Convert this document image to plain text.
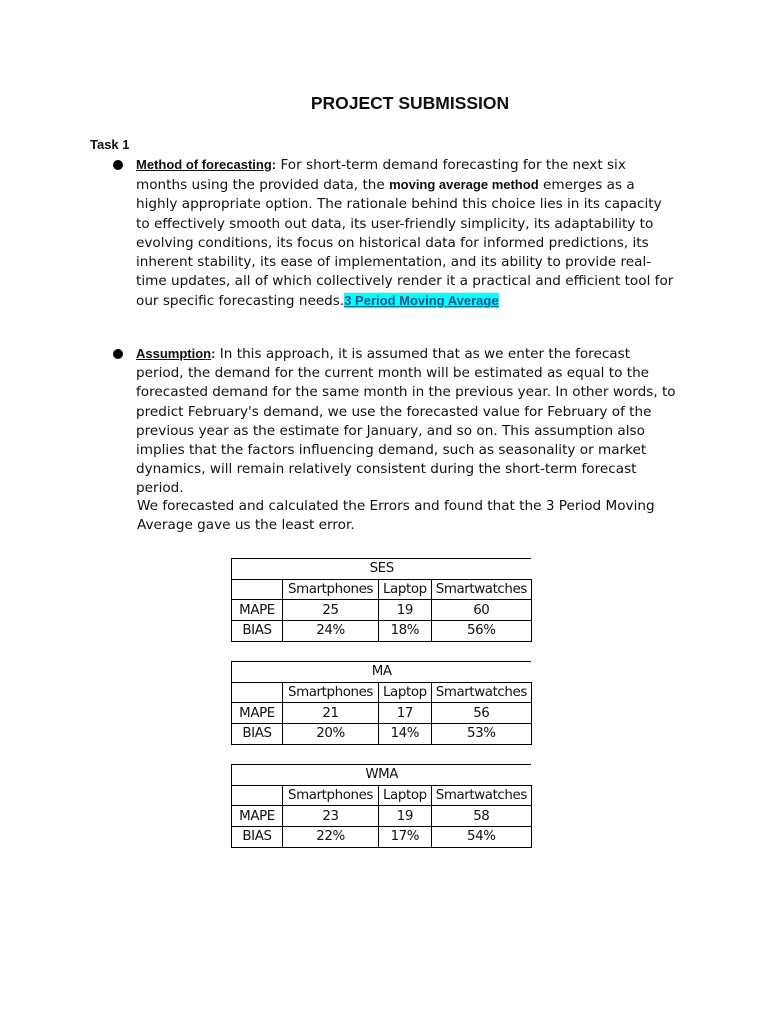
PROJECT SUBMISSION
Task 1

Method of forecasting: For short-term demand forecasting for the next six months using the provided data, the moving average method emerges as a highly appropriate option. The rationale behind this choice lies in its capacity to effectively smooth out data, its user-friendly simplicity, its adaptability to evolving conditions, its focus on historical data for informed predictions, its inherent stability, its ease of implementation, and its ability to provide real-time updates, all of which collectively render it a practical and efficient tool for our specific forecasting needs.3 Period Moving Average

Assumption: In this approach, it is assumed that as we enter the forecast period, the demand for the current month will be estimated as equal to the forecasted demand for the same month in the previous year. In other words, to predict February's demand, we use the forecasted value for February of the previous year as the estimate for January, and so on. This assumption also implies that the factors influencing demand, such as seasonality or market dynamics, will remain relatively consistent during the short-term forecast period.

We forecasted and calculated the Errors and found that the 3 Period Moving Average gave us the least error.

SES			
	Smartphones	Laptop	Smartwatches
MAPE	25	19	60
BIAS	24%	18%	56%
MA			
	Smartphones	Laptop	Smartwatches
MAPE	21	17	56
BIAS	20%	14%	53%
WMA			
	Smartphones	Laptop	Smartwatches
MAPE	23	19	58
BIAS	22%	17%	54%
